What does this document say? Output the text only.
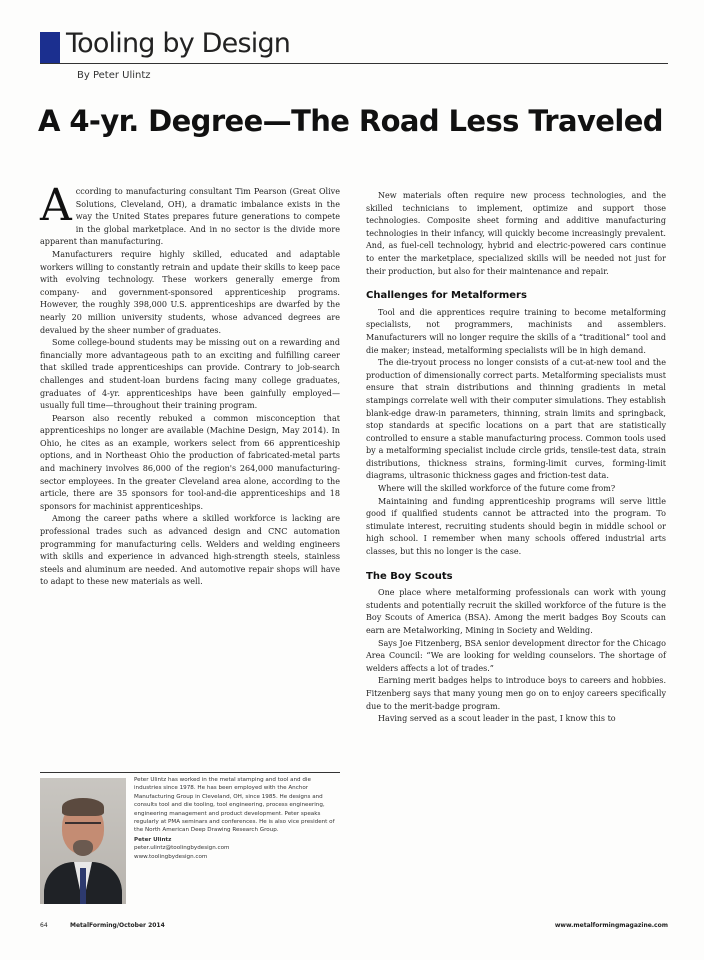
Tooling by Design
By Peter Ulintz
A 4-yr. Degree—The Road Less Traveled
A ccording to manufacturing consultant Tim Pearson (Great Olive Solutions, Cleveland, OH), a dramatic imbalance exists in the way the United States prepares future generations to compete in the global marketplace. And in no sector is the divide more apparent than manufacturing.

Manufacturers require highly skilled, educated and adaptable workers willing to constantly retrain and update their skills to keep pace with evolving technology. These workers generally emerge from company- and government-sponsored apprenticeship programs. However, the roughly 398,000 U.S. apprenticeships are dwarfed by the nearly 20 million university students, whose advanced degrees are devalued by the sheer number of graduates.

Some college-bound students may be missing out on a rewarding and financially more advantageous path to an exciting and fulfilling career that skilled trade apprenticeships can provide. Contrary to job-search challenges and student-loan burdens facing many college graduates, graduates of 4-yr. apprenticeships have been gainfully employed—usually full time—throughout their training program.

Pearson also recently rebuked a common misconception that apprenticeships no longer are available (Machine Design, May 2014). In Ohio, he cites as an example, workers select from 66 apprenticeship options, and in Northeast Ohio the production of fabricated-metal parts and machinery involves 86,000 of the region's 264,000 manufacturing-sector employees. In the greater Cleveland area alone, according to the article, there are 35 sponsors for tool-and-die apprenticeships and 18 sponsors for machinist apprenticeships.

Among the career paths where a skilled workforce is lacking are professional trades such as advanced design and CNC automation programming for manufacturing cells. Welders and welding engineers with skills and experience in advanced high-strength steels, stainless steels and aluminum are needed. And automotive repair shops will have to adapt to these new materials as well.

New materials often require new process technologies, and the skilled technicians to implement, optimize and support those technologies. Composite sheet forming and additive manufacturing technologies in their infancy, will quickly become increasingly prevalent. And, as fuel-cell technology, hybrid and electric-powered cars continue to enter the marketplace, specialized skills will be needed not just for their production, but also for their maintenance and repair.

Challenges for Metalformers

Tool and die apprentices require training to become metalforming specialists, not programmers, machinists and assemblers. Manufacturers will no longer require the skills of a “traditional” tool and die maker; instead, metalforming specialists will be in high demand.

The die-tryout process no longer consists of a cut-at-new tool and the production of dimensionally correct parts. Metalforming specialists must ensure that strain distributions and thinning gradients in metal stampings correlate well with their computer simulations. They establish blank-edge draw-in parameters, thinning, strain limits and springback, stop standards at specific locations on a part that are statistically controlled to ensure a stable manufacturing process. Common tools used by a metalforming specialist include circle grids, tensile-test data, strain distributions, thickness strains, forming-limit curves, forming-limit diagrams, ultrasonic thickness gages and friction-test data.

Where will the skilled workforce of the future come from?

Maintaining and funding apprenticeship programs will serve little good if qualified students cannot be attracted into the program. To stimulate interest, recruiting students should begin in middle school or high school. I remember when many schools offered industrial arts classes, but this no longer is the case.

The Boy Scouts

One place where metalforming professionals can work with young students and potentially recruit the skilled workforce of the future is the Boy Scouts of America (BSA). Among the merit badges Boy Scouts can earn are Metalworking, Mining in Society and Welding.

Says Joe Fitzenberg, BSA senior development director for the Chicago Area Council: “We are looking for welding counselors. The shortage of welders affects a lot of trades.”

Earning merit badges helps to introduce boys to careers and hobbies. Fitzenberg says that many young men go on to enjoy careers specifically due to the merit-badge program.

Having served as a scout leader in the past, I know this to

Peter Ulintz has worked in the metal stamping and tool and die industries since 1978. He has been employed with the Anchor Manufacturing Group in Cleveland, OH, since 1985. He designs and consults tool and die tooling, tool engineering, process engineering, engineering management and product development. Peter speaks regularly at PMA seminars and conferences. He is also vice president of the North American Deep Drawing Research Group.
Peter Ulintz
peter.ulintz@toolingbydesign.com
www.toolingbydesign.com
64	MetalForming/October 2014	www.metalformingmagazine.com
